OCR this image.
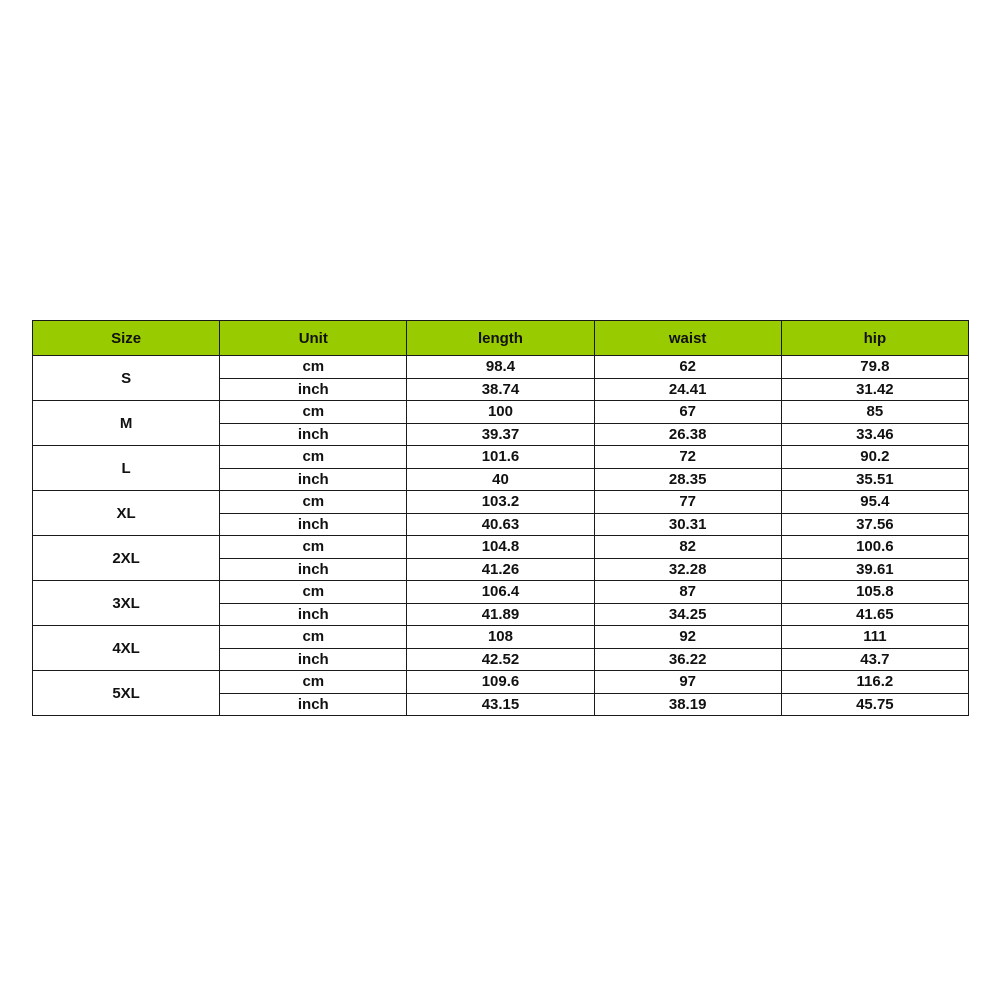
Size	Unit	length	waist	hip
S	cm	98.4	62	79.8
	inch	38.74	24.41	31.42
M	cm	100	67	85
	inch	39.37	26.38	33.46
L	cm	101.6	72	90.2
	inch	40	28.35	35.51
XL	cm	103.2	77	95.4
	inch	40.63	30.31	37.56
2XL	cm	104.8	82	100.6
	inch	41.26	32.28	39.61
3XL	cm	106.4	87	105.8
	inch	41.89	34.25	41.65
4XL	cm	108	92	111
	inch	42.52	36.22	43.7
5XL	cm	109.6	97	116.2
	inch	43.15	38.19	45.75
